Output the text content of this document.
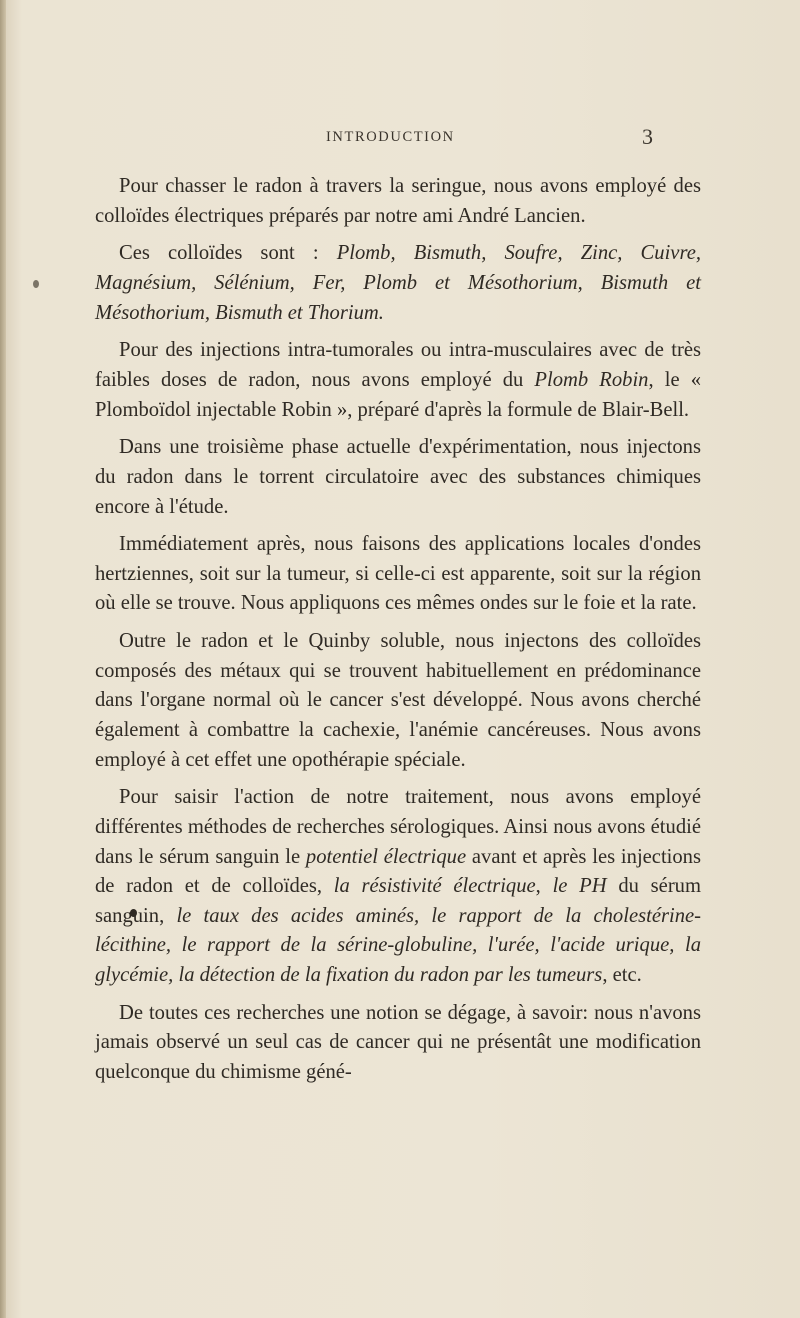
INTRODUCTION	3

Pour chasser le radon à travers la seringue, nous avons employé des colloïdes électriques préparés par notre ami André Lancien.

Ces colloïdes sont : Plomb, Bismuth, Soufre, Zinc, Cuivre, Magnésium, Sélénium, Fer, Plomb et Mésothorium, Bismuth et Mésothorium, Bismuth et Thorium.

Pour des injections intra-tumorales ou intra-musculaires avec de très faibles doses de radon, nous avons employé du Plomb Robin, le « Plomboïdol injectable Robin », préparé d'après la formule de Blair-Bell.

Dans une troisième phase actuelle d'expérimentation, nous injectons du radon dans le torrent circulatoire avec des substances chimiques encore à l'étude.

Immédiatement après, nous faisons des applications locales d'ondes hertziennes, soit sur la tumeur, si celle-ci est apparente, soit sur la région où elle se trouve. Nous appliquons ces mêmes ondes sur le foie et la rate.

Outre le radon et le Quinby soluble, nous injectons des colloïdes composés des métaux qui se trouvent habituellement en prédominance dans l'organe normal où le cancer s'est développé. Nous avons cherché également à combattre la cachexie, l'anémie cancéreuses. Nous avons employé à cet effet une opothérapie spéciale.

Pour saisir l'action de notre traitement, nous avons employé différentes méthodes de recherches sérologiques. Ainsi nous avons étudié dans le sérum sanguin le potentiel électrique avant et après les injections de radon et de colloïdes, la résistivité électrique, le PH du sérum sanguin, le taux des acides aminés, le rapport de la cholestérine-lécithine, le rapport de la sérine-globuline, l'urée, l'acide urique, la glycémie, la détection de la fixation du radon par les tumeurs, etc.

De toutes ces recherches une notion se dégage, à savoir: nous n'avons jamais observé un seul cas de cancer qui ne présentât une modification quelconque du chimisme géné-
